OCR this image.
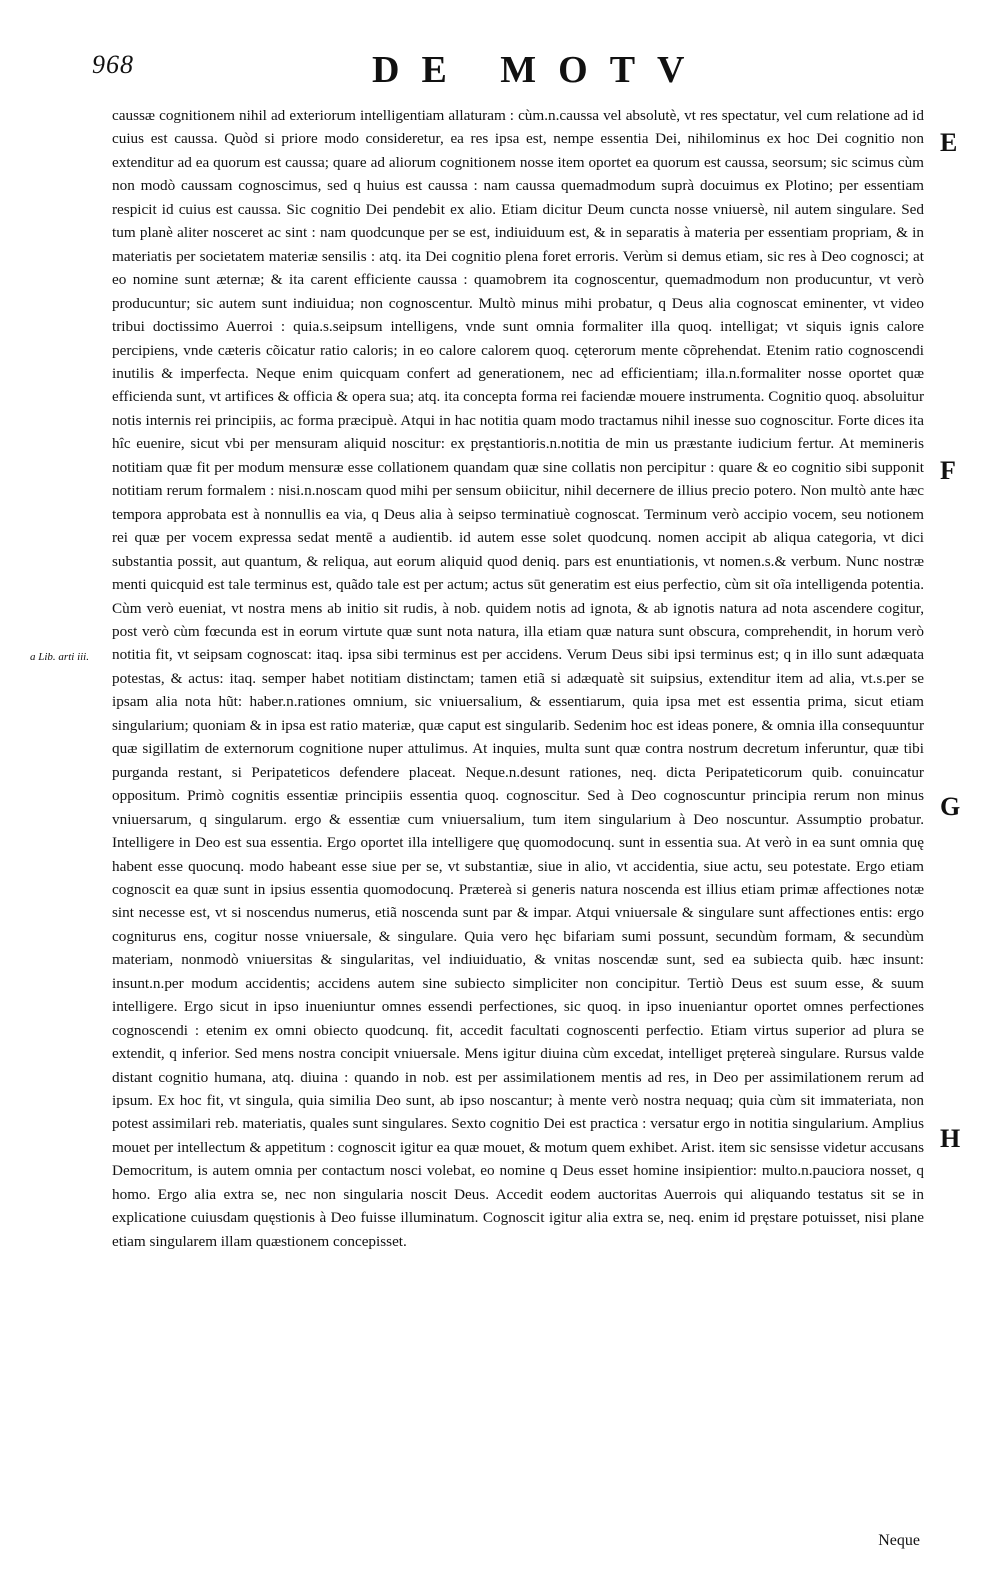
968	DE MOTV
a Lib. arti iii.
caussæ cognitionem nihil ad exteriorum intelligentiam allaturam : cùm.n.caussa vel absolutè, vt res spectatur, vel cum relatione ad id cuius est caussa. Quòd si priore modo consideretur, ea res ipsa est, nempe essentia Dei, nihilominus ex hoc Dei cognitio non extenditur ad ea quorum est caussa; quare ad aliorum cognitionem nosse item oportet ea quorum est caussa, seorsum; sic scimus cùm non modò caussam cognoscimus, sed q huius est caussa : nam caussa quemadmodum suprà docuimus ex Plotino; per essentiam respicit id cuius est caussa. Sic cognitio Dei pendebit ex alio. Etiam dicitur Deum cuncta nosse vniuersè, nil autem singulare. Sed tum planè aliter nosceret ac sint : nam quodcunque per se est, indiuiduum est, & in separatis à materia per essentiam propriam, & in materiatis per societatem materiæ sensilis : atq. ita Dei cognitio plena foret erroris. Verùm si demus etiam, sic res à Deo cognosci; at eo nomine sunt æternæ; & ita carent efficiente caussa : quamobrem ita cognoscentur, quemadmodum non producuntur, vt verò producuntur; sic autem sunt indiuidua; non cognoscentur. Multò minus mihi probatur, q Deus alia cognoscat eminenter, vt video tribui doctissimo Auerroi : quia.s.seipsum intelligens, vnde sunt omnia formaliter illa quoq. intelligat; vt siquis ignis calore percipiens, vnde cæteris cõicatur ratio caloris; in eo calore calorem quoq. cęterorum mente cõprehendat. Etenim ratio cognoscendi inutilis & imperfecta. Neque enim quicquam confert ad generationem, nec ad efficientiam; illa.n.formaliter nosse oportet quæ efficienda sunt, vt artifices & officia & opera sua; atq. ita concepta forma rei faciendæ mouere instrumenta. Cognitio quoq. absoluitur notis internis rei principiis, ac forma præcipuè. Atqui in hac notitia quam modo tractamus nihil inesse suo cognoscitur. Forte dices ita hîc euenire, sicut vbi per mensuram aliquid noscitur: ex pręstantioris.n.notitia de min us præstante iudicium fertur. At memineris notitiam quæ fit per modum mensuræ esse collationem quandam quæ sine collatis non percipitur : quare & eo cognitio sibi supponit notitiam rerum formalem : nisi.n.noscam quod mihi per sensum obiicitur, nihil decernere de illius precio potero. Non multò ante hæc tempora approbata est à nonnullis ea via, q Deus alia à seipso terminatiuè cognoscat. Terminum verò accipio vocem, seu notionem rei quæ per vocem expressa sedat mentē a audientib. id autem esse solet quodcunq. nomen accipit ab aliqua categoria, vt dici substantia possit, aut quantum, & reliqua, aut eorum aliquid quod deniq. pars est enuntiationis, vt nomen.s.& verbum. Nunc nostræ menti quicquid est tale terminus est, quãdo tale est per actum; actus sūt generatim est eius perfectio, cùm sit oĩa intelligenda potentia. Cùm verò eueniat, vt nostra mens ab initio sit rudis, à nob. quidem notis ad ignota, & ab ignotis natura ad nota ascendere cogitur, post verò cùm fœcunda est in eorum virtute quæ sunt nota natura, illa etiam quæ natura sunt obscura, comprehendit, in horum verò notitia fit, vt seipsam cognoscat: itaq. ipsa sibi terminus est per accidens. Verum Deus sibi ipsi terminus est; q in illo sunt adæquata potestas, & actus: itaq. semper habet notitiam distinctam; tamen etiã si adæquatè sit suipsius, extenditur item ad alia, vt.s.per se ipsam alia nota hũt: haber.n.rationes omnium, sic vniuersalium, & essentiarum, quia ipsa met est essentia prima, sicut etiam singularium; quoniam & in ipsa est ratio materiæ, quæ caput est singularib. Sedenim hoc est ideas ponere, & omnia illa consequuntur quæ sigillatim de externorum cognitione nuper attulimus. At inquies, multa sunt quæ contra nostrum decretum inferuntur, quæ tibi purganda restant, si Peripateticos defendere placeat. Neque.n.desunt rationes, neq. dicta Peripateticorum quib. conuincatur oppositum. Primò cognitis essentiæ principiis essentia quoq. cognoscitur. Sed à Deo cognoscuntur principia rerum non minus vniuersarum, q singularum. ergo & essentiæ cum vniuersalium, tum item singularium à Deo noscuntur. Assumptio probatur. Intelligere in Deo est sua essentia. Ergo oportet illa intelligere quę quomodocunq. sunt in essentia sua. At verò in ea sunt omnia quę habent esse quocunq. modo habeant esse siue per se, vt substantiæ, siue in alio, vt accidentia, siue actu, seu potestate. Ergo etiam cognoscit ea quæ sunt in ipsius essentia quomodocunq. Prætereà si generis natura noscenda est illius etiam primæ affectiones notæ sint necesse est, vt si noscendus numerus, etiã noscenda sunt par & impar. Atqui vniuersale & singulare sunt affectiones entis: ergo cogniturus ens, cogitur nosse vniuersale, & singulare. Quia vero hęc bifariam sumi possunt, secundùm formam, & secundùm materiam, nonmodò vniuersitas & singularitas, vel indiuiduatio, & vnitas noscendæ sunt, sed ea subiecta quib. hæc insunt: insunt.n.per modum accidentis; accidens autem sine subiecto simpliciter non concipitur. Tertiò Deus est suum esse, & suum intelligere. Ergo sicut in ipso inueniuntur omnes essendi perfectiones, sic quoq. in ipso inueniantur oportet omnes perfectiones cognoscendi : etenim ex omni obiecto quodcunq. fit, accedit facultati cognoscenti perfectio. Etiam virtus superior ad plura se extendit, q inferior. Sed mens nostra concipit vniuersale. Mens igitur diuina cùm excedat, intelliget prętereà singulare. Rursus valde distant cognitio humana, atq. diuina : quando in nob. est per assimilationem mentis ad res, in Deo per assimilationem rerum ad ipsum. Ex hoc fit, vt singula, quia similia Deo sunt, ab ipso noscantur; à mente verò nostra nequaq; quia cùm sit immateriata, non potest assimilari reb. materiatis, quales sunt singulares. Sexto cognitio Dei est practica : versatur ergo in notitia singularium. Amplius mouet per intellectum & appetitum : cognoscit igitur ea quæ mouet, & motum quem exhibet. Arist. item sic sensisse videtur accusans Democritum, is autem omnia per contactum nosci volebat, eo nomine q Deus esset homine insipientior: multo.n.pauciora nosset, q homo. Ergo alia extra se, nec non singularia noscit Deus. Accedit eodem auctoritas Auerrois qui aliquando testatus sit se in explicatione cuiusdam quęstionis à Deo fuisse illuminatum. Cognoscit igitur alia extra se, neq. enim id pręstare potuisset, nisi plane etiam singularem illam quæstionem concepisset.
E
F
G
H
Neque
